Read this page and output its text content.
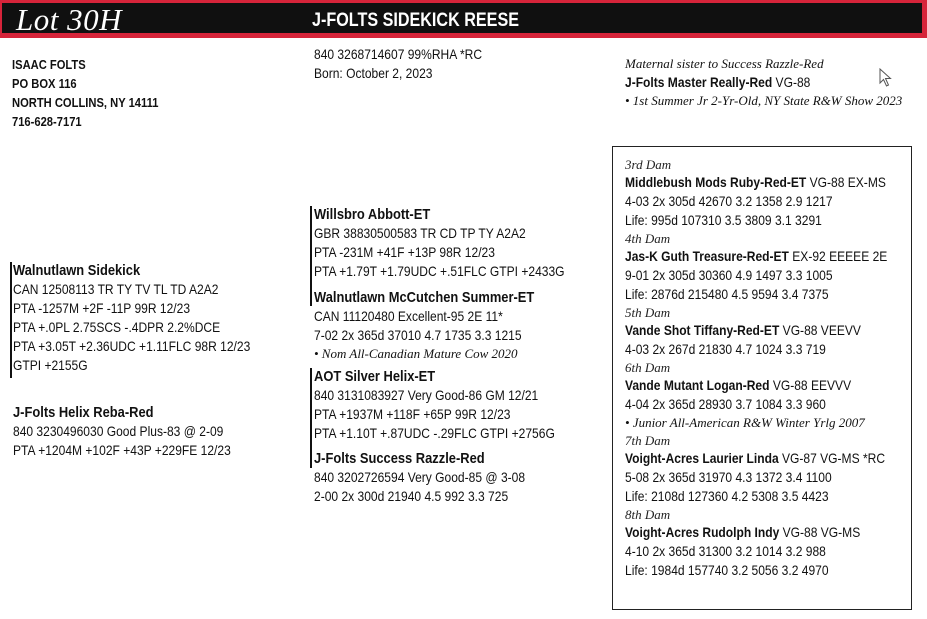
Lot 30H	J-FOLTS SIDEKICK REESE
ISAAC FOLTS
PO BOX 116
NORTH COLLINS, NY 14111
716-628-7171
840 3268714607 99%RHA *RC
Born: October 2, 2023
Maternal sister to Success Razzle-Red
J-Folts Master Really-Red VG-88
• 1st Summer Jr 2-Yr-Old, NY State R&W Show 2023
Walnutlawn Sidekick
CAN 12508113 TR TY TV TL TD A2A2
PTA -1257M +2F -11P 99R 12/23
PTA +.0PL 2.75SCS -.4DPR 2.2%DCE
PTA +3.05T +2.36UDC +1.11FLC 98R 12/23
GTPI +2155G
J-Folts Helix Reba-Red
840 3230496030 Good Plus-83 @ 2-09
PTA +1204M +102F +43P +229FE 12/23
Willsbro Abbott-ET
GBR 38830500583 TR CD TP TY A2A2
PTA -231M +41F +13P 98R 12/23
PTA +1.79T +1.79UDC +.51FLC GTPI +2433G
Walnutlawn McCutchen Summer-ET
CAN 11120480 Excellent-95 2E 11*
7-02 2x 365d 37010 4.7 1735 3.3 1215
• Nom All-Canadian Mature Cow 2020
AOT Silver Helix-ET
840 3131083927 Very Good-86 GM 12/21
PTA +1937M +118F +65P 99R 12/23
PTA +1.10T +.87UDC -.29FLC GTPI +2756G
J-Folts Success Razzle-Red
840 3202726594 Very Good-85 @ 3-08
2-00 2x 300d 21940 4.5 992 3.3 725
3rd Dam
Middlebush Mods Ruby-Red-ET VG-88 EX-MS
4-03 2x 305d 42670 3.2 1358 2.9 1217
Life: 995d 107310 3.5 3809 3.1 3291
4th Dam
Jas-K Guth Treasure-Red-ET EX-92 EEEEE 2E
9-01 2x 305d 30360 4.9 1497 3.3 1005
Life: 2876d 215480 4.5 9594 3.4 7375
5th Dam
Vande Shot Tiffany-Red-ET VG-88 VEEVV
4-03 2x 267d 21830 4.7 1024 3.3 719
6th Dam
Vande Mutant Logan-Red VG-88 EEVVV
4-04 2x 365d 28930 3.7 1084 3.3 960
• Junior All-American R&W Winter Yrlg 2007
7th Dam
Voight-Acres Laurier Linda VG-87 VG-MS *RC
5-08 2x 365d 31970 4.3 1372 3.4 1100
Life: 2108d 127360 4.2 5308 3.5 4423
8th Dam
Voight-Acres Rudolph Indy VG-88 VG-MS
4-10 2x 365d 31300 3.2 1014 3.2 988
Life: 1984d 157740 3.2 5056 3.2 4970
